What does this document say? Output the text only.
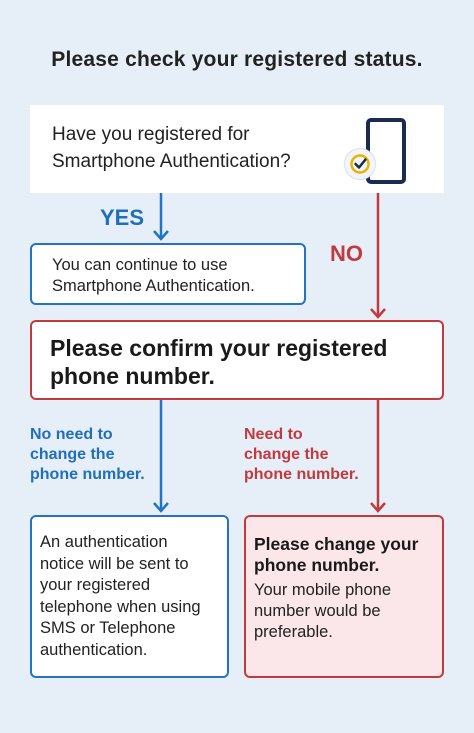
Please check your registered status.
Have you registered for
Smartphone Authentication?
YES
NO
You can continue to use
Smartphone Authentication.
Please confirm your registered
phone number.
No need to
change the
phone number.
Need to
change the
phone number.
An authentication
notice will be sent to
your registered
telephone when using
SMS or Telephone
authentication.
Please change your
phone number.
Your mobile phone
number would be
preferable.
